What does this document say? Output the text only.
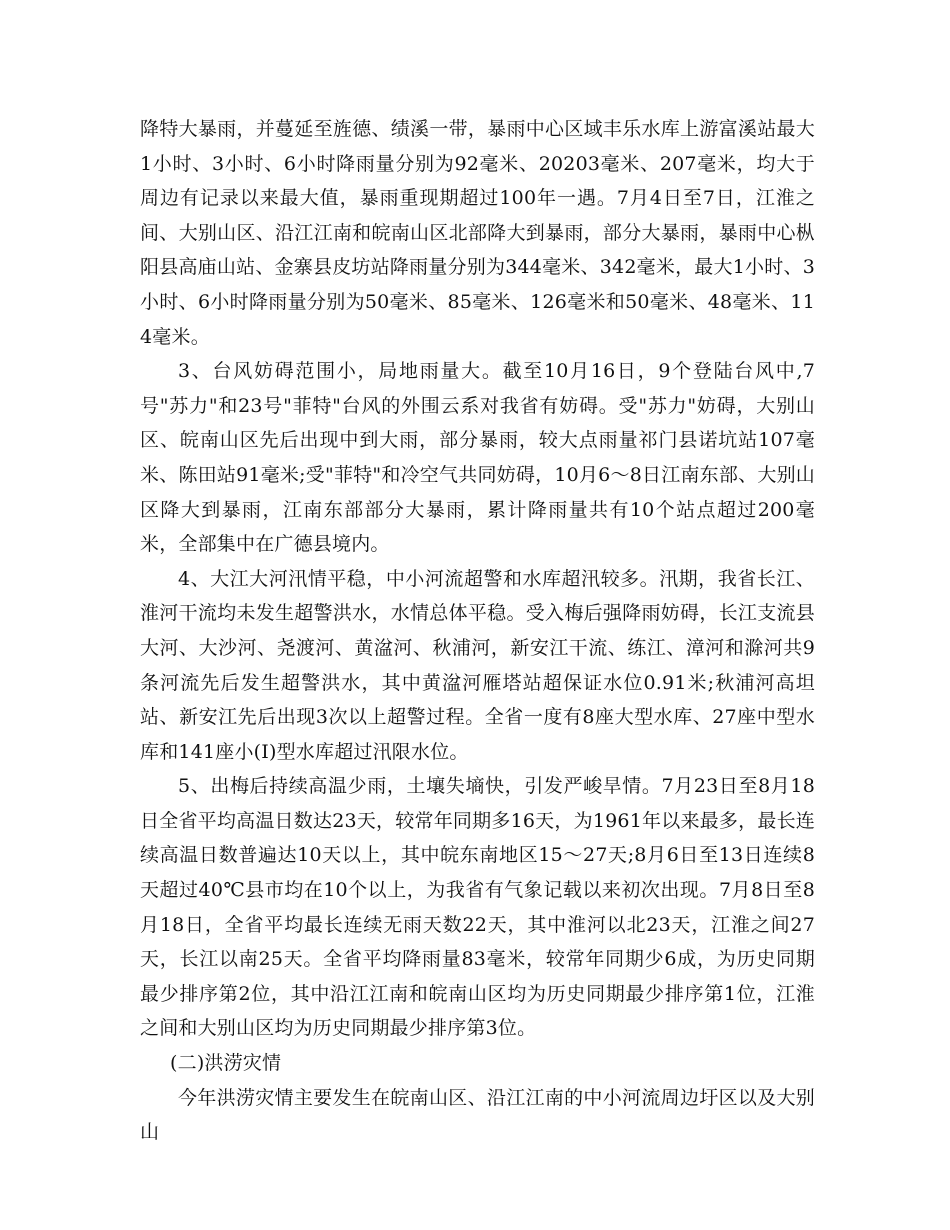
降特大暴雨，并蔓延至旌德、绩溪一带，暴雨中心区域丰乐水库上游富溪站最大1小时、3小时、6小时降雨量分别为92毫米、20203毫米、207毫米，均大于周边有记录以来最大值，暴雨重现期超过100年一遇。7月4日至7日，江淮之间、大别山区、沿江江南和皖南山区北部降大到暴雨，部分大暴雨，暴雨中心枞阳县高庙山站、金寨县皮坊站降雨量分别为344毫米、342毫米，最大1小时、3小时、6小时降雨量分别为50毫米、85毫米、126毫米和50毫米、48毫米、114毫米。

3、台风妨碍范围小，局地雨量大。截至10月16日，9个登陆台风中,7号"苏力"和23号"菲特"台风的外围云系对我省有妨碍。受"苏力"妨碍，大别山区、皖南山区先后出现中到大雨，部分暴雨，较大点雨量祁门县诺坑站107毫米、陈田站91毫米;受"菲特"和冷空气共同妨碍，10月6～8日江南东部、大别山区降大到暴雨，江南东部部分大暴雨，累计降雨量共有10个站点超过200毫米，全部集中在广德县境内。

4、大江大河汛情平稳，中小河流超警和水库超汛较多。汛期，我省长江、淮河干流均未发生超警洪水，水情总体平稳。受入梅后强降雨妨碍，长江支流县大河、大沙河、尧渡河、黄湓河、秋浦河，新安江干流、练江、漳河和滁河共9条河流先后发生超警洪水，其中黄湓河雁塔站超保证水位0.91米;秋浦河高坦站、新安江先后出现3次以上超警过程。全省一度有8座大型水库、27座中型水库和141座小(I)型水库超过汛限水位。

5、出梅后持续高温少雨，土壤失墒快，引发严峻旱情。7月23日至8月18日全省平均高温日数达23天，较常年同期多16天，为1961年以来最多，最长连续高温日数普遍达10天以上，其中皖东南地区15～27天;8月6日至13日连续8天超过40℃县市均在10个以上，为我省有气象记载以来初次出现。7月8日至8月18日，全省平均最长连续无雨天数22天，其中淮河以北23天，江淮之间27天，长江以南25天。全省平均降雨量83毫米，较常年同期少6成，为历史同期最少排序第2位，其中沿江江南和皖南山区均为历史同期最少排序第1位，江淮之间和大别山区均为历史同期最少排序第3位。

(二)洪涝灾情

今年洪涝灾情主要发生在皖南山区、沿江江南的中小河流周边圩区以及大别山
